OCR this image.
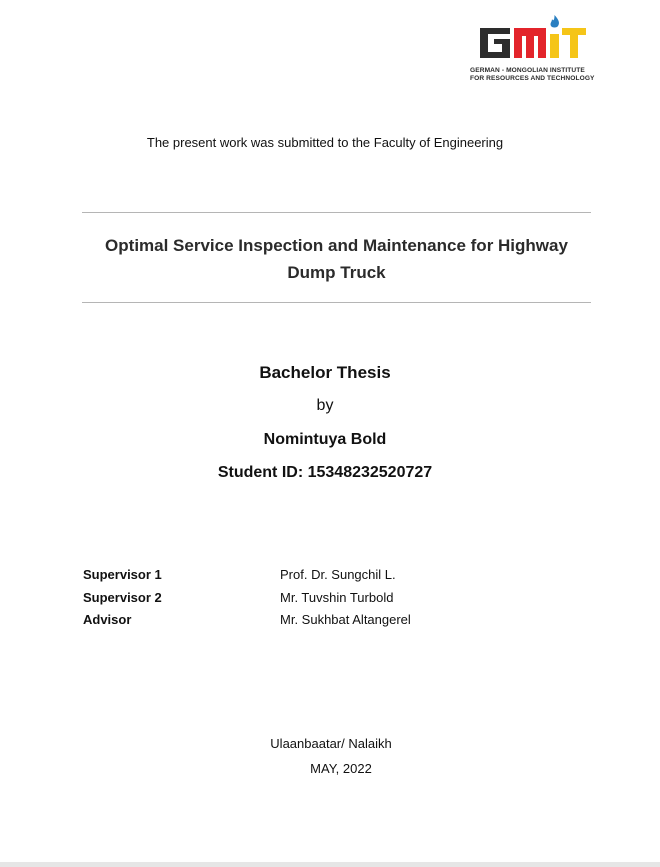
GERMAN - MONGOLIAN INSTITUTE
FOR RESOURCES AND TECHNOLOGY
The present work was submitted to the Faculty of Engineering
Optimal Service Inspection and Maintenance for Highway Dump Truck
Bachelor Thesis
by
Nomintuya Bold
Student ID: 15348232520727
Supervisor 1	Prof. Dr. Sungchil L.
Supervisor 2	Mr. Tuvshin Turbold
Advisor	Mr. Sukhbat Altangerel
Ulaanbaatar/ Nalaikh
MAY, 2022
